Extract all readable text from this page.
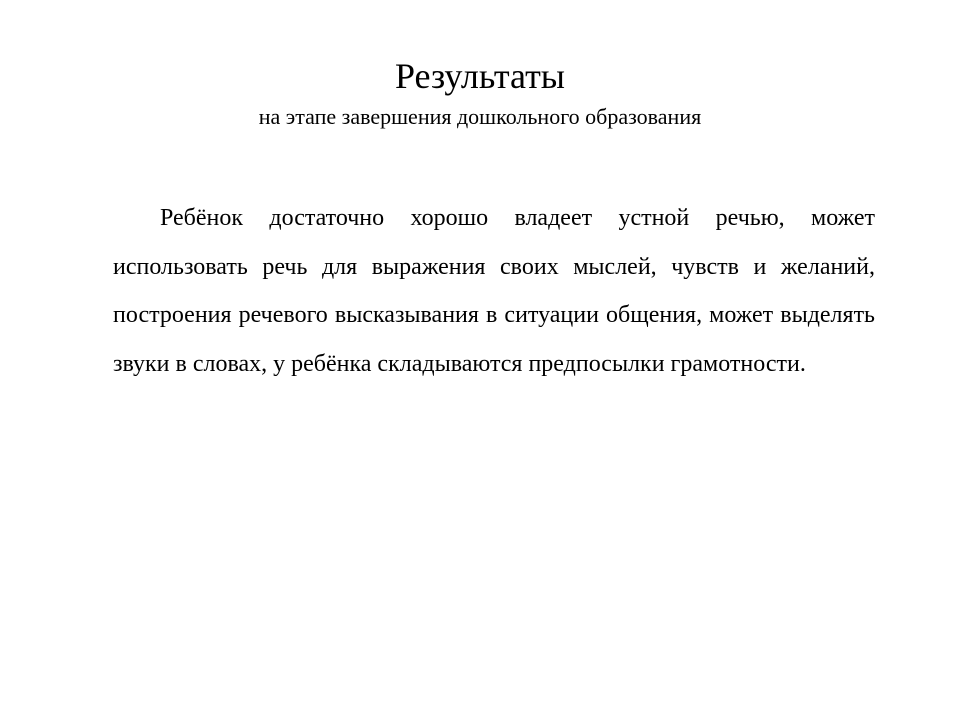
Результаты

на этапе завершения дошкольного образования

Ребёнок достаточно хорошо владеет устной речью, может использовать речь для выражения своих мыслей, чувств и желаний, построения речевого высказывания в ситуации общения, может выделять звуки в словах, у ребёнка складываются предпосылки грамотности.
